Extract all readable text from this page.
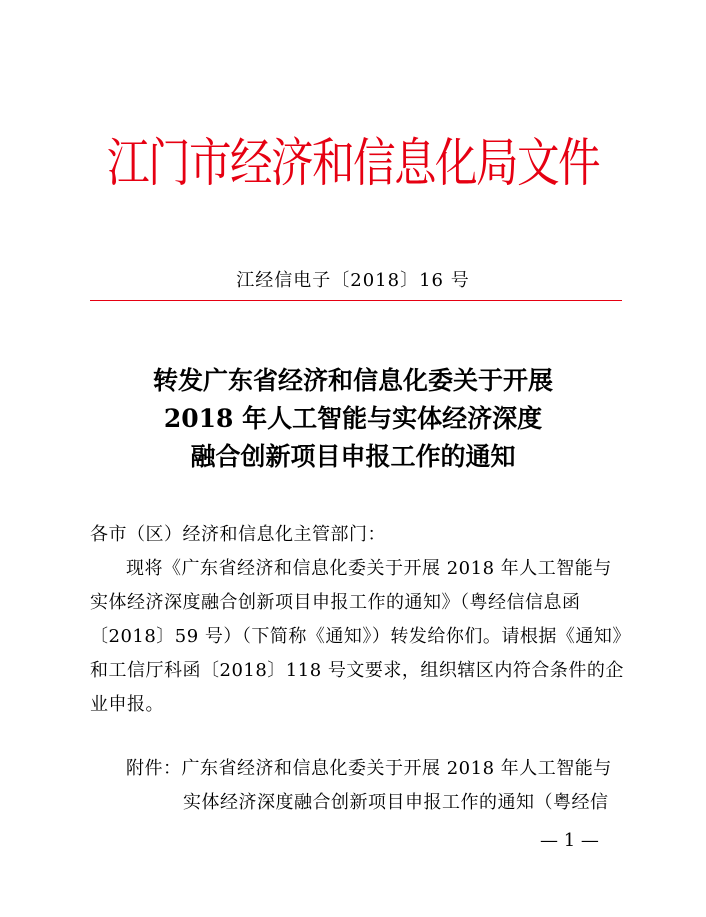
江门市经济和信息化局文件
江经信电子〔2018〕16 号
转发广东省经济和信息化委关于开展
2018 年人工智能与实体经济深度
融合创新项目申报工作的通知
各市（区）经济和信息化主管部门：
现将《广东省经济和信息化委关于开展 2018 年人工智能与
实体经济深度融合创新项目申报工作的通知》（粤经信信息函
〔2018〕59 号）（下简称《通知》）转发给你们。请根据《通知》
和工信厅科函〔2018〕118 号文要求，组织辖区内符合条件的企
业申报。
附件：广东省经济和信息化委关于开展 2018 年人工智能与
实体经济深度融合创新项目申报工作的通知（粤经信
— 1 —
